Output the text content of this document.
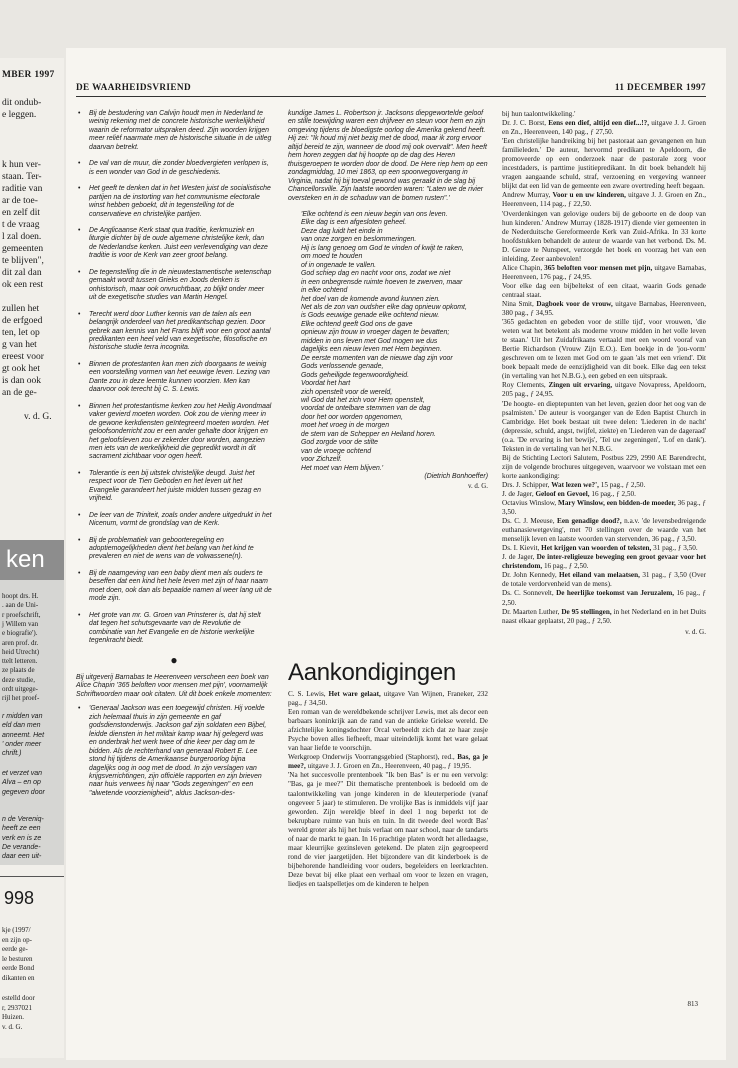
MBER 1997
ken
998
dit ondub-
e leggen.
k hun ver-
staan. Ter-
raditie van
ar de toe-
en zelf dit
t de vraag
l zal doen.
gemeenten
te blijven",
dit zal dan
ok een rest
zullen het
de erfgoed
ten, let op
g van het
ereest voor
gt ook het
is dan ook
an de ge-
v. d. G.
hoopt drs. H.
. aan de Uni-
r proefschrift,
j Willem van
e biografie').
aren prof. dr.
heid Utrecht)
ttelt letteren.
ze plaats de
deze studie,
ordt uitgege-
rijl het proef-
r midden van
eld dan men
anneemt. Het
' onder meer
chrift.)
et verzet van
Alva – en op
gegeven door
n de Vereniq-
heeft ze een
verk en is ze
De verande-
daar een uit-
kje (1997/
en zijn op-
eerde ge-
le besturen
eerde Bond
dikanten en
estelld door
r, 2937021
Huizen.
v. d. G.
DE WAARHEIDSVRIEND	11 DECEMBER 1997
• Bij de bestudering van Calvijn houdt men in Nederland te weinig rekening met de concrete historische werkelijkheid waarin de reformator uitspraken deed. Zijn woorden krijgen meer reliëf naarmate men de historische situatie in de uitleg daarvan betrekt.
• De val van de muur, die zonder bloedvergieten verlopen is, is een wonder van God in de geschiedenis.
• Het geeft te denken dat in het Westen juist de socialistische partijen na de instorting van het communisme electorale winst hebben geboekt, dit in tegenstelling tot de conservatieve en christelijke partijen.
• De Anglicaanse Kerk staat qua traditie, kerkmuziek en liturgie dichter bij de oude algemene christelijke kerk, dan de Nederlandse kerken. Juist een verlevendiging van deze traditie is voor de Kerk van zeer groot belang.
• De tegenstelling die in de nieuwtestamentische wetenschap gemaakt wordt tussen Grieks en Joods denken is onhistorisch, maar ook onvruchtbaar, zo blijkt onder meer uit de exegetische studies van Martin Hengel.
• Terecht werd door Luther kennis van de talen als een belangrijk onderdeel van het predikantschap gezien. Door gebrek aan kennis van het Frans blijft voor een groot aantal predikanten een heel veld van exegetische, filosofische en historische studie terra incognita.
• Binnen de protestanten kan men zich doorgaans te weinig een voorstelling vormen van het eeuwige leven. Lezing van Dante zou in deze leemte kunnen voorzien. Men kan daarvoor ook terecht bij C. S. Lewis.
• Binnen het protestantisme kerken zou het Heilig Avondmaal vaker gevierd moeten worden. Ook zou de viering meer in de gewone kerkdiensten geïntegreerd moeten worden. Het geloofsonderricht zou er een ander gehalte door krijgen en het geloofsleven zou er zekerder door worden, aangezien men iets van de werkelijkheid die gepredikt wordt in dit sacrament zichtbaar voor ogen heeft.
• Tolerantie is een bij uitstek christelijke deugd. Juist het respect voor de Tien Geboden en het leven uit het Evangelie garandeert het juiste midden tussen gezag en vrijheid.
• De leer van de Triniteit, zoals onder andere uitgedrukt in het Nicenum, vormt de grondslag van de Kerk.
• Bij de problematiek van geboorteregeling en adoptiemogelijkheden dient het belang van het kind te prevaleren en niet de wens van de volwassene(n).
• Bij de naamgeving van een baby dient men als ouders te beseffen dat een kind het hele leven met zijn of haar naam moet doen, ook dan als bepaalde namen al weer lang uit de mode zijn.
• Het grote van mr. G. Groen van Prinsterer is, dat hij stelt dat tegen het schutsgevaarte van de Revolutie de combinatie van het Evangelie en de historie werkelijke tegenkracht biedt.
●
Bij uitgeverij Barnabas te Heerenveen verscheen een boek van Alice Chapin '365 beloften voor mensen met pijn', voornamelijk Schriftwoorden maar ook citaten. Uit dit boek enkele momenten:
• 'Generaal Jackson was een toegewijd christen. Hij voelde zich helemaal thuis in zijn gemeente en gaf godsdienstonderwijs. Jackson gaf zijn soldaten een Bijbel, leidde diensten in het militair kamp waar hij gelegerd was en onderbrak het werk twee of drie keer per dag om te bidden. Als de rechterhand van generaal Robert E. Lee stond hij tijdens de Amerikaanse burgeroorlog bijna dagelijks oog in oog met de dood. In zijn verslagen van krijgsverrichtingen, zijn officiële rapporten en zijn brieven naar huis verwees hij naar "Gods zegeningen" en een "alwetende voorzienigheid", aldus Jackson-des-
kundige James L. Robertson jr. Jacksons diepgewortelde geloof en stille toewijding waren een drijfveer en steun voor hem en zijn omgeving tijdens de bloedigste oorlog die Amerika gekend heeft. Hij zei: "Ik houd mij niet bezig met de dood, maar ik zorg ervoor altijd bereid te zijn, wanneer de dood mij ook overvalt". Men heeft hem horen zeggen dat hij hoopte op de dag des Heren thuisgeroepen te worden door de dood. De Here riep hem op een zondagmiddag, 10 mei 1863, op een spoorwegovergang in Virginia, nadat hij bij toeval gewond was geraakt in de slag bij Chancellorsville. Zijn laatste woorden waren: "Laten we de rivier oversteken en in de schaduw van de bomen rusten".'
'Elke ochtend is een nieuw begin van ons leven.
Elke dag is een afgesloten geheel.
Deze dag luidt het einde in
van onze zorgen en beslommeringen.
Hij is lang genoeg om God te vinden of kwijt te raken,
om moed te houden
of in ongenade te vallen.
God schiep dag en nacht voor ons, zodat we niet
in een onbegrensde ruimte hoeven te zwerven, maar
in elke ochtend
het doel van de komende avond kunnen zien.
Net als de zon van oudsher elke dag opnieuw opkomt,
is Gods eeuwige genade elke ochtend nieuw.
Elke ochtend geeft God ons de gave
opnieuw zijn trouw in vroeger dagen te bevatten;
midden in ons leven met God mogen we dus
dagelijks een nieuw leven met Hem beginnen.
De eerste momenten van de nieuwe dag zijn voor
Gods verlossende genade,
Gods geheiligde tegenwoordigheid.
Voordat het hart
zich openstelt voor de wereld,
wil God dat het zich voor Hem openstelt,
voordat de ontelbare stemmen van de dag
door het oor worden opgenomen,
moet het vroeg in de morgen
de stem van de Schepper en Heiland horen.
God zorgde voor de stilte
van de vroege ochtend
voor Zichzelf.
Het moet van Hem blijven.'
(Dietrich Bonhoeffer)
v. d. G.
Aankondigingen

C. S. Lewis, Het ware gelaat, uitgave Van Wijnen, Franeker, 232 pag., ƒ 34,50.

Een roman van de wereldbekende schrijver Lewis, met als decor een barbaars koninkrijk aan de rand van de antieke Griekse wereld. De afzichtelijke koningsdochter Orcal verbeeldt zich dat ze haar zusje Psyche boven alles liefheeft, maar uiteindelijk komt het ware gelaat van haar liefde te voorschijn.

Werkgroep Onderwijs Voorrangsgebied (Staphorst), red., Bas, ga je mee?, uitgave J. J. Groen en Zn., Heerenveen, 40 pag., ƒ 19,95.

'Na het succesvolle prentenboek "Ik ben Bas" is er nu een vervolg: "Bas, ga je mee?" Dit thematische prentenboek is bedoeld om de taalontwikkeling van jonge kinderen in de kleuterperiode (vanaf ongeveer 5 jaar) te stimuleren. De vrolijke Bas is inmiddels vijf jaar geworden. Zijn wereldje bleef in deel 1 nog beperkt tot de bekrupbare ruimte van huis en tuin. In dit tweede deel wordt Bas' wereld groter als hij het huis verlaat om naar school, naar de tandarts of naar de markt te gaan. In 16 prachtige platen wordt het alledaagse, maar kleurrijke gezinsleven getekend. De platen zijn gegroepeerd rond de vier jaargetijden. Het bijzondere van dit kinderboek is de bijbehorende handleiding voor ouders, begeleiders en leerkrachten. Deze bevat bij elke plaat een verhaal om voor te lezen en vragen, liedjes en taalspelletjes om de kinderen te helpen

bij hun taalontwikkeling.'

Dr. J. C. Borst, Eens een dief, altijd een dief...!?, uitgave J. J. Groen en Zn., Heerenveen, 140 pag., ƒ 27,50.

'Een christelijke handreiking bij het pastoraat aan gevangenen en hun familieleden.' De auteur, hervormd predikant te Apeldoorn, die promoveerde op een onderzoek naar de pastorale zorg voor incestdaders, is parttime justitiepredikant. In dit boek behandelt hij vragen aangaande schuld, straf, verzoening en vergeving wanneer blijkt dat een lid van de gemeente een zware overtreding heeft begaan.

Andrew Murray, Voor u en uw kinderen, uitgave J. J. Groen en Zn., Heerenveen, 114 pag., ƒ 22,50.

'Overdenkingen van gelovige ouders bij de geboorte en de doop van hun kinderen.' Andrew Murray (1828-1917) diende vier gemeenten in de Nederduitsche Gereformeerde Kerk van Zuid-Afrika. In 33 korte hoofdstukken behandelt de auteur de waarde van het verbond. Ds. M. D. Geuze te Nunspeet, verzorgde het boek en voorzag het van een inleiding. Zeer aanbevolen!

Alice Chapin, 365 beloften voor mensen met pijn, uitgave Barnabas, Heerenveen, 176 pag., ƒ 24,95.

Voor elke dag een bijbeltekst of een citaat, waarin Gods genade centraal staat.

Nina Smit, Dagboek voor de vrouw, uitgave Barnabas, Heerenveen, 380 pag., ƒ 34,95.

'365 gedachten en gebeden voor de stille tijd', voor vrouwen, 'die weten wat het betekent als moderne vrouw midden in het volle leven te staan.' Uit het Zuidafrikaans vertaald met een woord vooraf van Bertie Richardson (Vrouw Zijn E.O.). Een boekje in de 'jou-vorm' geschreven om te lezen met God om te gaan 'als met een vriend'. Dit boek bepaalt mede de eenzijdigheid van dit boek. Elke dag een tekst (in vertaling van het N.B.G.), een gebed en een uitspraak.

Roy Clements, Zingen uit ervaring, uitgave Novapress, Apeldoorn, 205 pag., ƒ 24,95.

'De hoogte- en dieptepunten van het leven, gezien door het oog van de psalmisten.' De auteur is voorganger van de Eden Baptist Church in Cambridge. Het boek bestaat uit twee delen: 'Liederen in de nacht' (depressie, schuld, angst, twijfel, ziekte) en 'Liederen van de dageraad' (o.a. 'De ervaring is het bewijs', 'Tel uw zegeningen', 'Lof en dank'). Teksten in de vertaling van het N.B.G.

Bij de Stichting Lectori Salutem, Postbus 229, 2990 AE Barendrecht, zijn de volgende brochures uitgegeven, waarvoor we volstaan met een korte aankondiging:

Drs. J. Schipper, Wat lezen we?', 15 pag., ƒ 2,50.

J. de Jager, Geloof en Gevoel, 16 pag., ƒ 2,50.

Octavius Winslow, Mary Winslow, een bidden-de moeder, 36 pag., ƒ 3,50.

Ds. C. J. Meeuse, Een genadige dood?, n.a.v. 'de levensbedreigende euthanasiewetgeving', met 70 stellingen over de waarde van het menselijk leven en laatste woorden van stervenden, 36 pag., ƒ 3,50.

Ds. I. Kievit, Het krijgen van woorden of teksten, 31 pag., ƒ 3,50.

J. de Jager, De inter-religieuze beweging een groot gevaar voor het christendom, 16 pag., ƒ 2,50.

Dr. John Kennedy, Het eiland van melaatsen, 31 pag., ƒ 3,50 (Over de totale verdorvenheid van de mens).

Ds. C. Sonnevelt, De heerlijke toekomst van Jeruzalem, 16 pag., ƒ 2,50.

Dr. Maarten Luther, De 95 stellingen, in het Nederland en in het Duits naast elkaar geplaatst, 20 pag., ƒ 2,50.

v. d. G.
813
